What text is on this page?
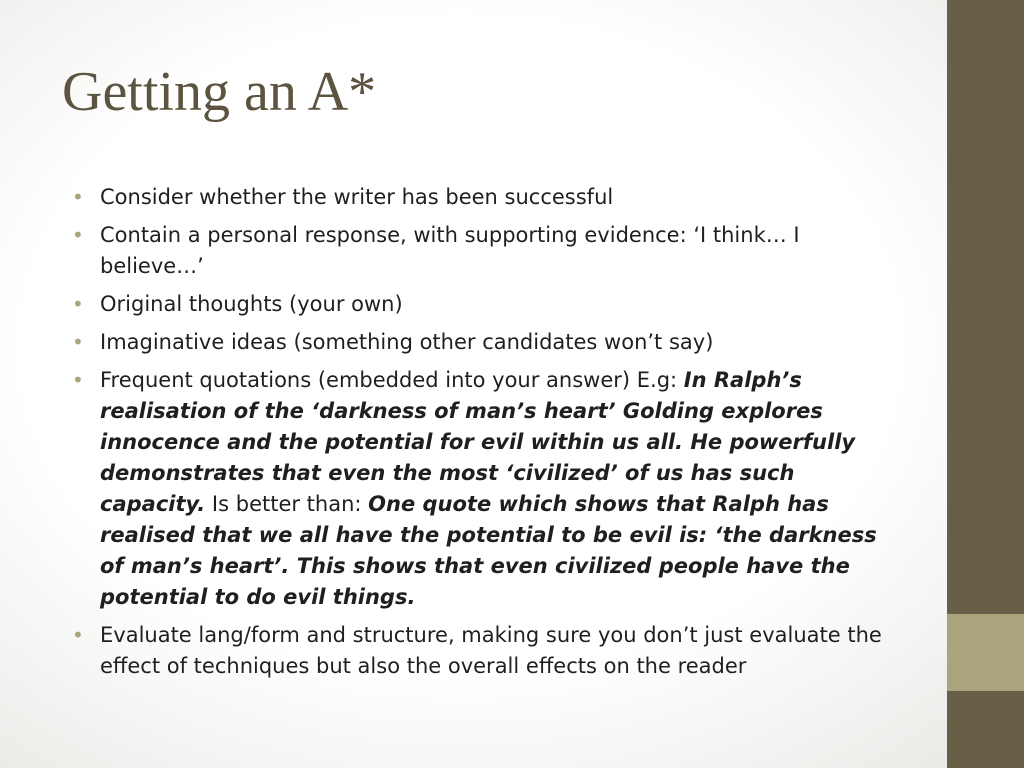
Getting an A*
• Consider whether the writer has been successful
• Contain a personal response, with supporting evidence: ‘I think… I believe…’
• Original thoughts (your own)
• Imaginative ideas (something other candidates won’t say)
• Frequent quotations (embedded into your answer) E.g: In Ralph’s realisation of the ‘darkness of man’s heart’ Golding explores innocence and the potential for evil within us all. He powerfully demonstrates that even the most ‘civilized’ of us has such capacity. Is better than: One quote which shows that Ralph has realised that we all have the potential to be evil is: ‘the darkness of man’s heart’. This shows that even civilized people have the potential to do evil things.
• Evaluate lang/form and structure, making sure you don’t just evaluate the effect of techniques but also the overall effects on the reader
